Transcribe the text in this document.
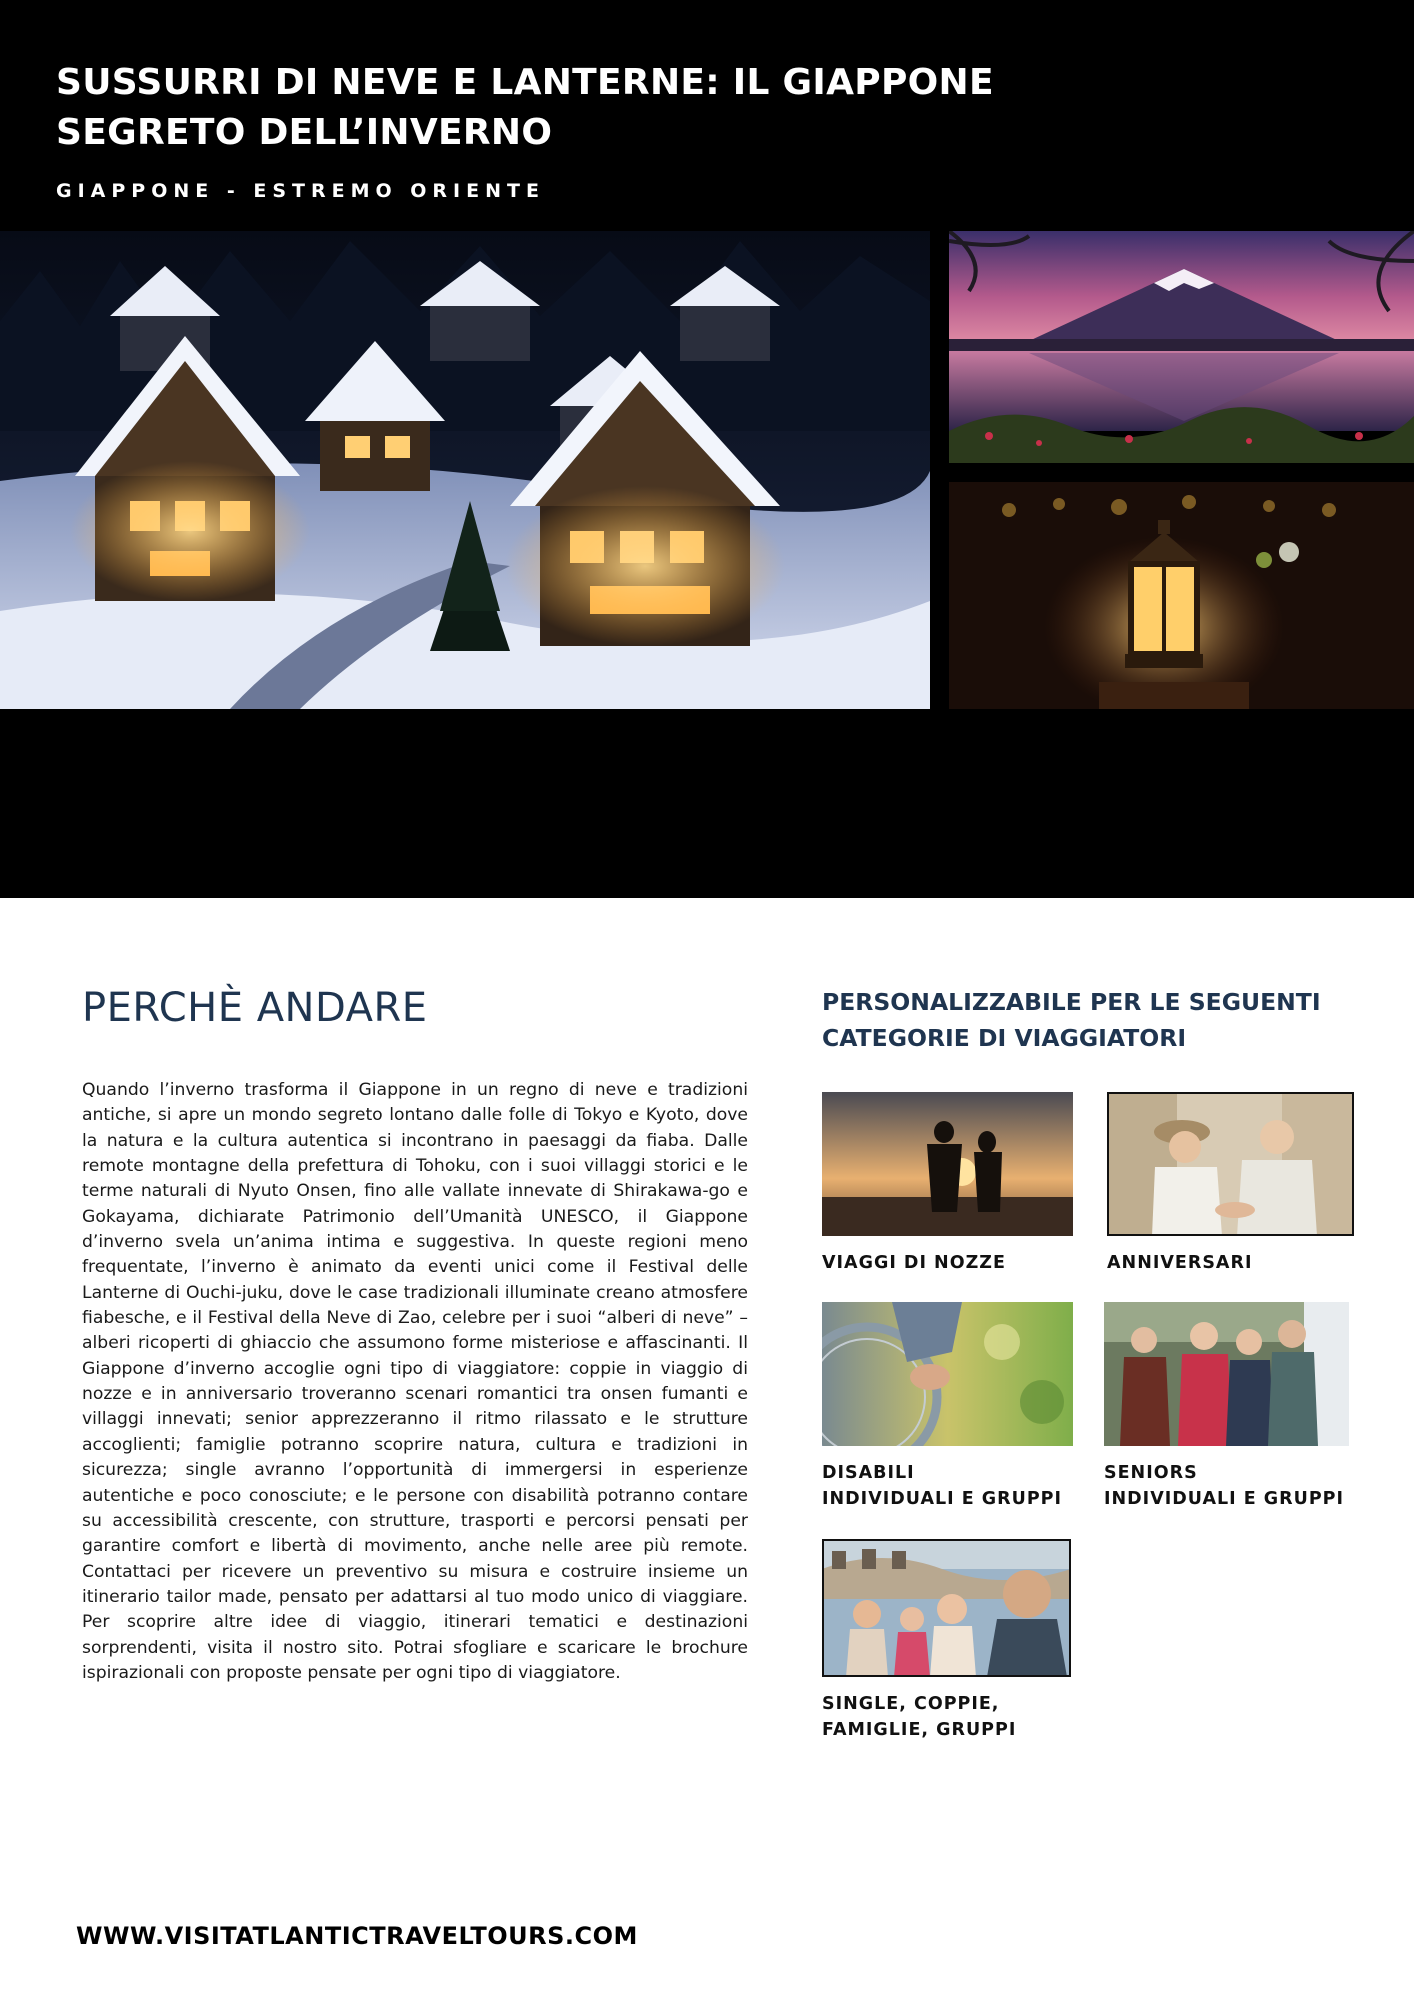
SUSSURRI DI NEVE E LANTERNE: IL GIAPPONE SEGRETO DELL’INVERNO

GIAPPONE - ESTREMO ORIENTE

PERCHÈ ANDARE

Quando l’inverno trasforma il Giappone in un regno di neve e tradizioni antiche, si apre un mondo segreto lontano dalle folle di Tokyo e Kyoto, dove la natura e la cultura autentica si incontrano in paesaggi da fiaba. Dalle remote montagne della prefettura di Tohoku, con i suoi villaggi storici e le terme naturali di Nyuto Onsen, fino alle vallate innevate di Shirakawa-go e Gokayama, dichiarate Patrimonio dell’Umanità UNESCO, il Giappone d’inverno svela un’anima intima e suggestiva. In queste regioni meno frequentate, l’inverno è animato da eventi unici come il Festival delle Lanterne di Ouchi-juku, dove le case tradizionali illuminate creano atmosfere fiabesche, e il Festival della Neve di Zao, celebre per i suoi “alberi di neve” – alberi ricoperti di ghiaccio che assumono forme misteriose e affascinanti. Il Giappone d’inverno accoglie ogni tipo di viaggiatore: coppie in viaggio di nozze e in anniversario troveranno scenari romantici tra onsen fumanti e villaggi innevati; senior apprezzeranno il ritmo rilassato e le strutture accoglienti; famiglie potranno scoprire natura, cultura e tradizioni in sicurezza; single avranno l’opportunità di immergersi in esperienze autentiche e poco conosciute; e le persone con disabilità potranno contare su accessibilità crescente, con strutture, trasporti e percorsi pensati per garantire comfort e libertà di movimento, anche nelle aree più remote. Contattaci per ricevere un preventivo su misura e costruire insieme un itinerario tailor made, pensato per adattarsi al tuo modo unico di viaggiare. Per scoprire altre idee di viaggio, itinerari tematici e destinazioni sorprendenti, visita il nostro sito. Potrai sfogliare e scaricare le brochure ispirazionali con proposte pensate per ogni tipo di viaggiatore.

PERSONALIZZABILE PER LE SEGUENTI CATEGORIE DI VIAGGIATORI

VIAGGI DI NOZZE	ANNIVERSARI

DISABILI
INDIVIDUALI E GRUPPI

SENIORS
INDIVIDUALI E GRUPPI

SINGLE, COPPIE,
FAMIGLIE, GRUPPI

WWW.VISITATLANTICTRAVELTOURS.COM
